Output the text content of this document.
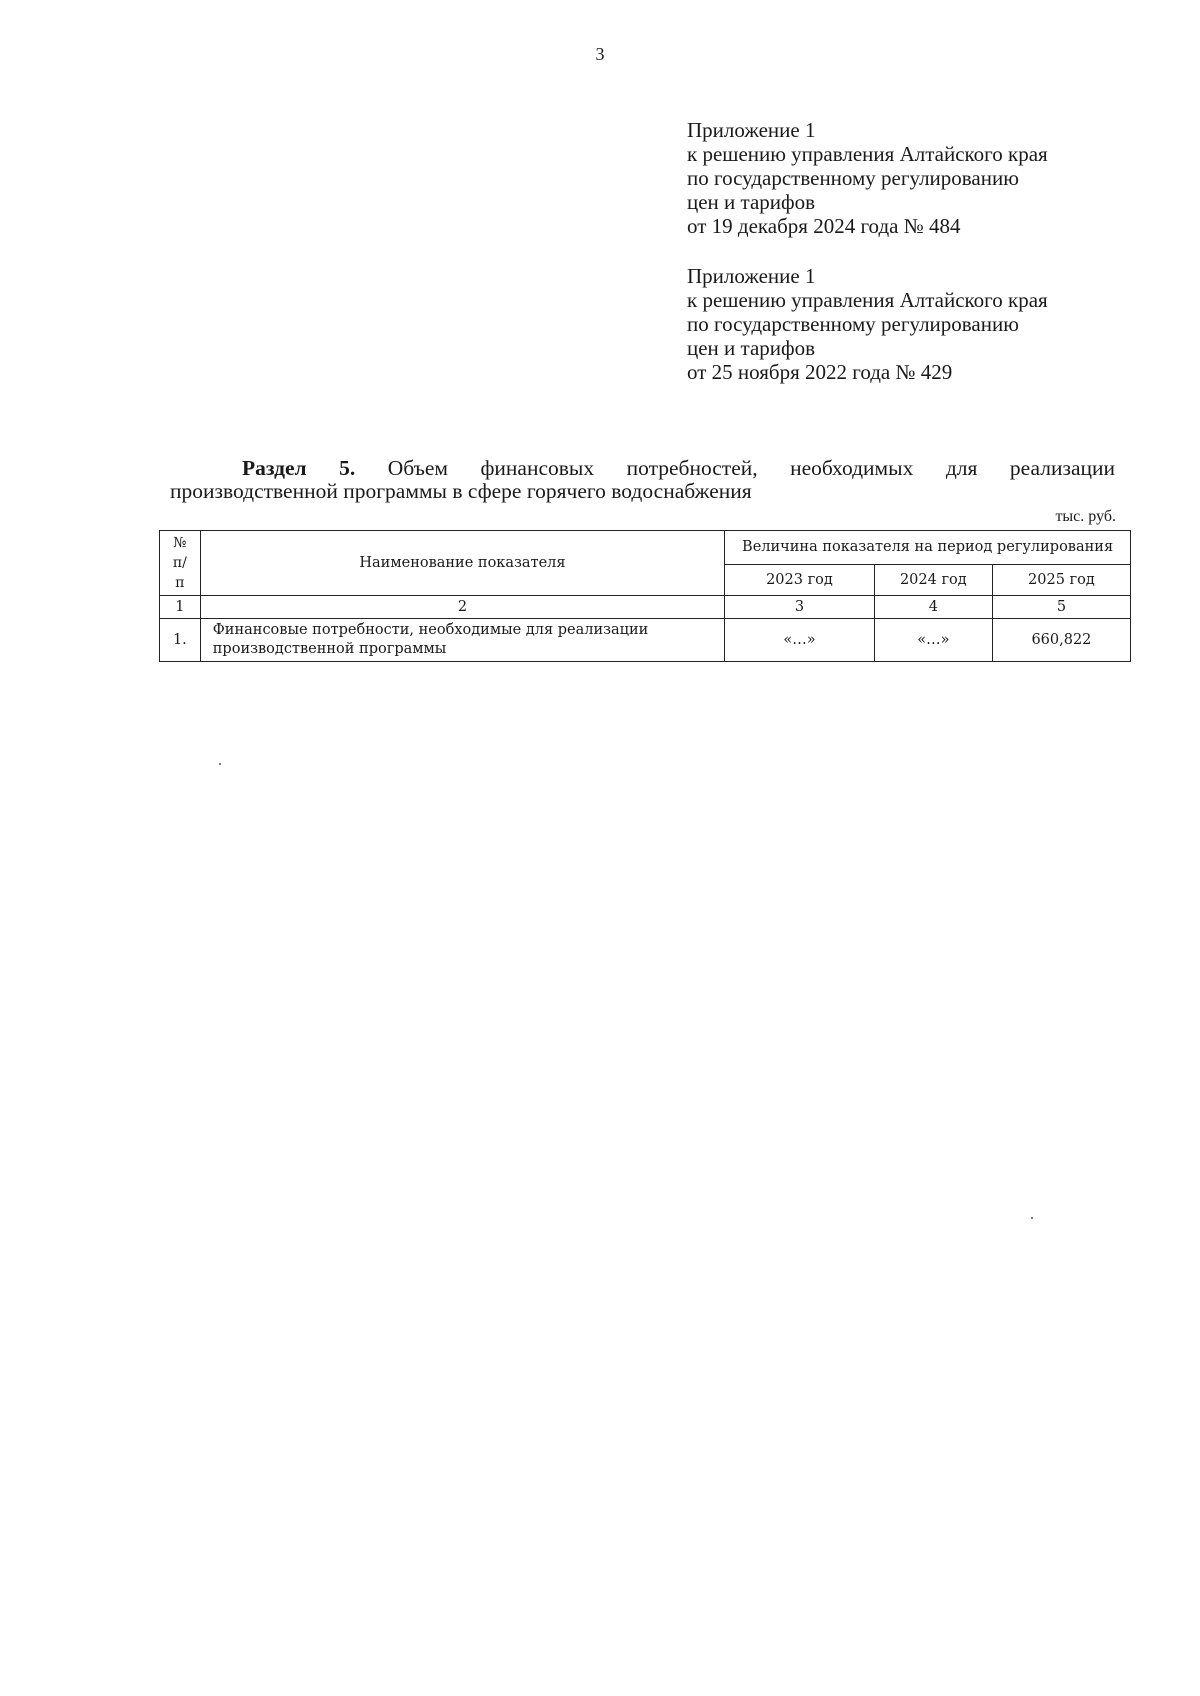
3
Приложение 1
к решению управления Алтайского края
по государственному регулированию
цен и тарифов
от 19 декабря 2024 года № 484
Приложение 1
к решению управления Алтайского края
по государственному регулированию
цен и тарифов
от 25 ноября 2022 года № 429
Раздел 5. Объем финансовых потребностей, необходимых для реализации
производственной программы в сфере горячего водоснабжения
тыс. руб.
№
п/
п	Наименование показателя	Величина показателя на период регулирования		
		2023 год	2024 год	2025 год
1	2	3	4	5
1.	Финансовые потребности, необходимые для реализации
производственной программы	«…»	«…»	660,822
